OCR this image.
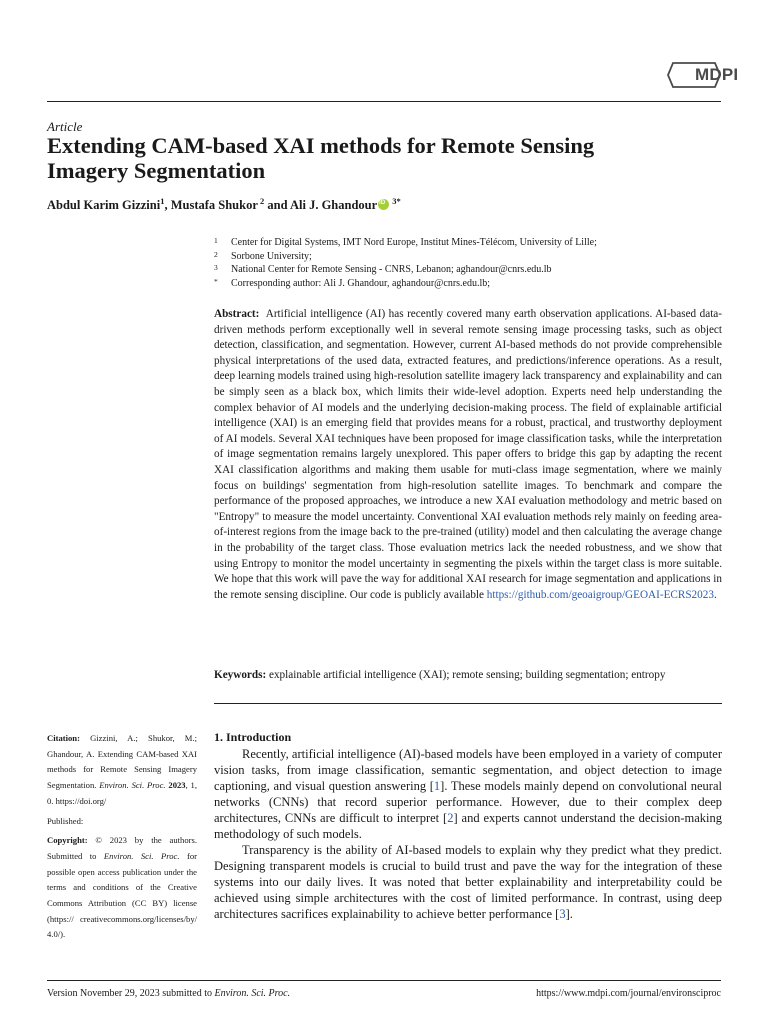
MDPI
Article
Extending CAM-based XAI methods for Remote Sensing
Imagery Segmentation
Abdul Karim Gizzini$^1$, Mustafa Shukor $^2$ and Ali J. GhandouriD $^{3*}$
1 Center for Digital Systems, IMT Nord Europe, Institut Mines-Télécom, University of Lille;
2 Sorbone University;
3 National Center for Remote Sensing - CNRS, Lebanon; aghandour@cnrs.edu.lb
* Corresponding author: Ali J. Ghandour, aghandour@cnrs.edu.lb;

Abstract: Artificial intelligence (AI) has recently covered many earth observation applications. AI-based data-driven methods perform exceptionally well in several remote sensing image processing tasks, such as object detection, classification, and segmentation. However, current AI-based methods do not provide comprehensible physical interpretations of the used data, extracted features, and predictions/inference operations. As a result, deep learning models trained using high-resolution satellite imagery lack transparency and explainability and can be simply seen as a black box, which limits their wide-level adoption. Experts need help understanding the complex behavior of AI models and the underlying decision-making process. The field of explainable artificial intelligence (XAI) is an emerging field that provides means for a robust, practical, and trustworthy deployment of AI models. Several XAI techniques have been proposed for image classification tasks, while the interpretation of image segmentation remains largely unexplored. This paper offers to bridge this gap by adapting the recent XAI classification algorithms and making them usable for muti-class image segmentation, where we mainly focus on buildings' segmentation from high-resolution satellite images. To benchmark and compare the performance of the proposed approaches, we introduce a new XAI evaluation methodology and metric based on "Entropy" to measure the model uncertainty. Conventional XAI evaluation methods rely mainly on feeding area-of-interest regions from the image back to the pre-trained (utility) model and then calculating the average change in the probability of the target class. Those evaluation metrics lack the needed robustness, and we show that using Entropy to monitor the model uncertainty in segmenting the pixels within the target class is more suitable. We hope that this work will pave the way for additional XAI research for image segmentation and applications in the remote sensing discipline. Our code is publicly available https://github.com/geoaigroup/GEOAI-ECRS2023.

Keywords: explainable artificial intelligence (XAI); remote sensing; building segmentation; entropy

Citation: Gizzini, A.; Shukor, M.; Ghandour, A. Extending CAM-based XAI methods for Remote Sensing Imagery Segmentation. Environ. Sci. Proc. 2023, 1, 0. https://doi.org/

Published:

Copyright: © 2023 by the authors. Submitted to Environ. Sci. Proc. for possible open access publication under the terms and conditions of the Creative Commons Attribution (CC BY) license (https:// creativecommons.org/licenses/by/ 4.0/).

1. Introduction

Recently, artificial intelligence (AI)-based models have been employed in a variety of computer vision tasks, from image classification, semantic segmentation, and object detection to image captioning, and visual question answering [1]. These models mainly depend on convolutional neural networks (CNNs) that record superior performance. However, due to their complex deep architectures, CNNs are difficult to interpret [2] and experts cannot understand the decision-making methodology of such models.

Transparency is the ability of AI-based models to explain why they predict what they predict. Designing transparent models is crucial to build trust and pave the way for the integration of these systems into our daily lives. It was noted that better explainability and interpretability could be achieved using simple architectures with the cost of limited performance. In contrast, using deep architectures sacrifices explainability to achieve better performance [3].

Version November 29, 2023 submitted to Environ. Sci. Proc.	https://www.mdpi.com/journal/environsciproc
